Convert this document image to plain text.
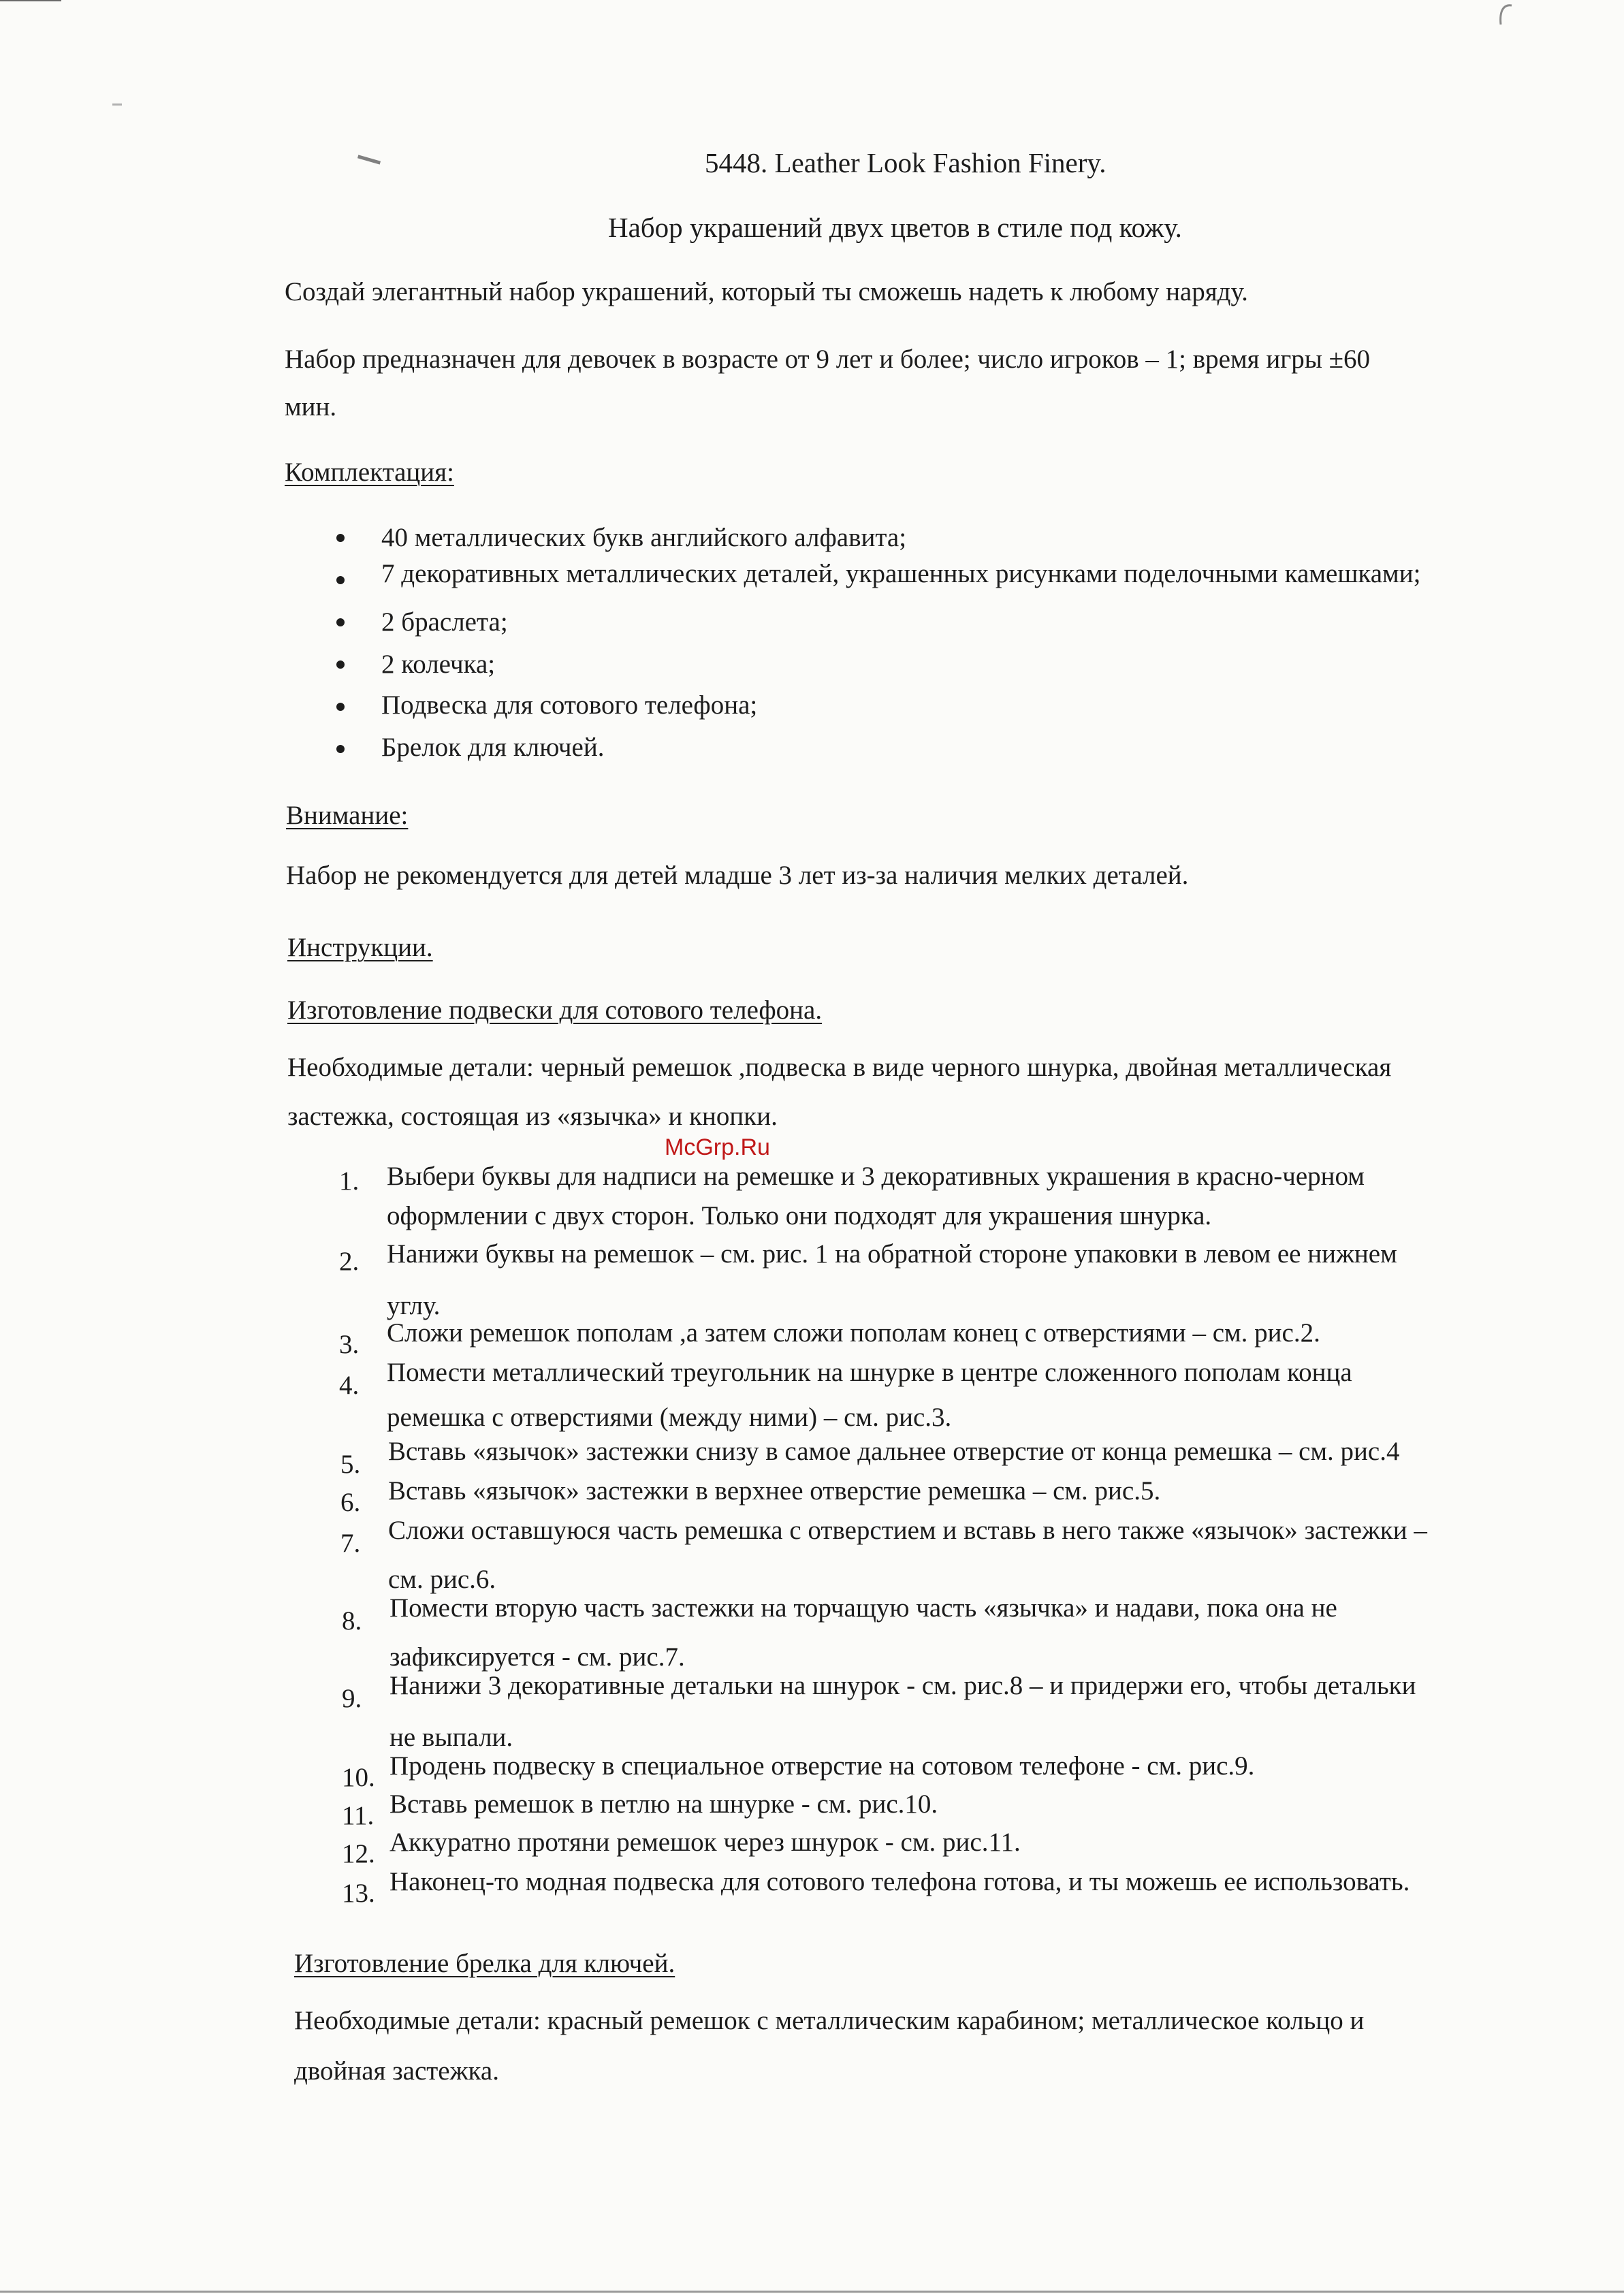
5448. Leather Look Fashion Finery.
Набор украшений двух цветов в стиле под кожу.
Создай элегантный набор украшений, который ты сможешь надеть к любому наряду.
Набор предназначен для девочек в возрасте от 9 лет и более; число игроков – 1; время игры ±60
мин.
Комплектация:
40 металлических букв английского алфавита;
7 декоративных металлических деталей, украшенных рисунками поделочными камешками;
2 браслета;
2 колечка;
Подвеска для сотового телефона;
Брелок для ключей.
Внимание:
Набор не рекомендуется для детей младше 3 лет из-за наличия мелких деталей.
Инструкции.
Изготовление подвески для сотового телефона.
Необходимые детали: черный ремешок ,подвеска в виде черного шнурка, двойная металлическая
застежка, состоящая из «язычка» и кнопки.
McGrp.Ru
1. Выбери буквы для надписи на ремешке и 3 декоративных украшения в красно-черном
оформлении с двух сторон. Только они подходят для украшения шнурка.
2. Нанижи буквы на ремешок – см. рис. 1 на обратной стороне упаковки в левом ее нижнем
углу.
3. Сложи ремешок пополам ,а затем сложи пополам конец с отверстиями – см. рис.2.
4. Помести металлический треугольник на шнурке в центре сложенного пополам конца
ремешка с отверстиями (между ними) – см. рис.3.
5. Вставь «язычок» застежки снизу в самое дальнее отверстие от конца ремешка – см. рис.4
6. Вставь «язычок» застежки в верхнее отверстие ремешка – см. рис.5.
7. Сложи оставшуюся часть ремешка с отверстием и вставь в него также «язычок» застежки –
см. рис.6.
8. Помести вторую часть застежки на торчащую часть «язычка» и надави, пока она не
зафиксируется - см. рис.7.
9. Нанижи 3 декоративные детальки на шнурок - см. рис.8 – и придержи его, чтобы детальки
не выпали.
10. Продень подвеску в специальное отверстие на сотовом телефоне - см. рис.9.
11. Вставь ремешок в петлю на шнурке - см. рис.10.
12. Аккуратно протяни ремешок через шнурок - см. рис.11.
13. Наконец-то модная подвеска для сотового телефона готова, и ты можешь ее использовать.
Изготовление брелка для ключей.
Необходимые детали: красный ремешок с металлическим карабином; металлическое кольцо и
двойная застежка.
